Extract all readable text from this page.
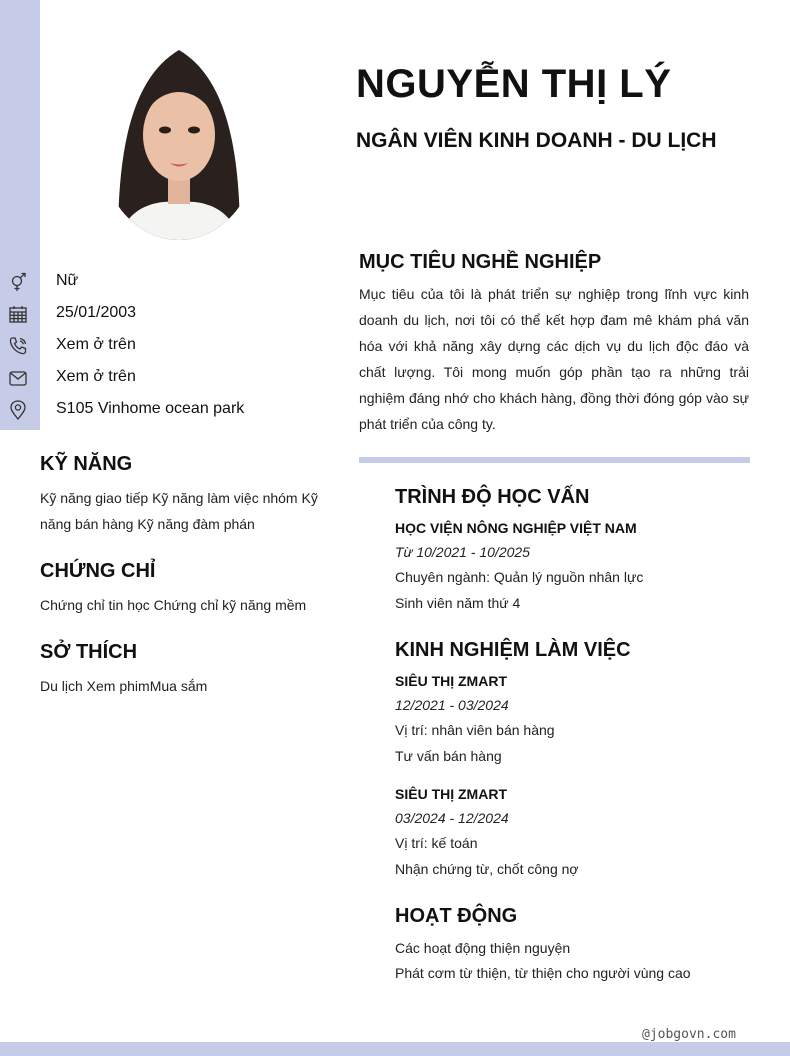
NGUYỄN THỊ LÝ
NGÂN VIÊN KINH DOANH - DU LỊCH
Nữ
25/01/2003
Xem ở trên
Xem ở trên
S105 Vinhome ocean park
KỸ NĂNG
Kỹ năng giao tiếp Kỹ năng làm việc nhóm Kỹ
năng bán hàng Kỹ năng đàm phán
CHỨNG CHỈ
Chứng chỉ tin học Chứng chỉ kỹ năng mềm
SỞ THÍCH
Du lịch Xem phimMua sắm
MỤC TIÊU NGHỀ NGHIỆP
Mục tiêu của tôi là phát triển sự nghiệp trong lĩnh vực kinh doanh du lịch, nơi tôi có thể kết hợp đam mê khám phá văn hóa với khả năng xây dựng các dịch vụ du lịch độc đáo và chất lượng. Tôi mong muốn góp phần tạo ra những trải nghiệm đáng nhớ cho khách hàng, đồng thời đóng góp vào sự phát triển của công ty.
TRÌNH ĐỘ HỌC VẤN
HỌC VIỆN NÔNG NGHIỆP VIỆT NAM
Từ 10/2021 - 10/2025
Chuyên ngành: Quản lý nguồn nhân lực
Sinh viên năm thứ 4
KINH NGHIỆM LÀM VIỆC
SIÊU THỊ ZMART
12/2021 - 03/2024
Vị trí: nhân viên bán hàng
Tư vấn bán hàng
SIÊU THỊ ZMART
03/2024 - 12/2024
Vị trí: kế toán
Nhận chứng từ, chốt công nợ
HOẠT ĐỘNG
Các hoạt động thiện nguyện
Phát cơm từ thiện, từ thiện cho người vùng cao
@jobgovn.com
